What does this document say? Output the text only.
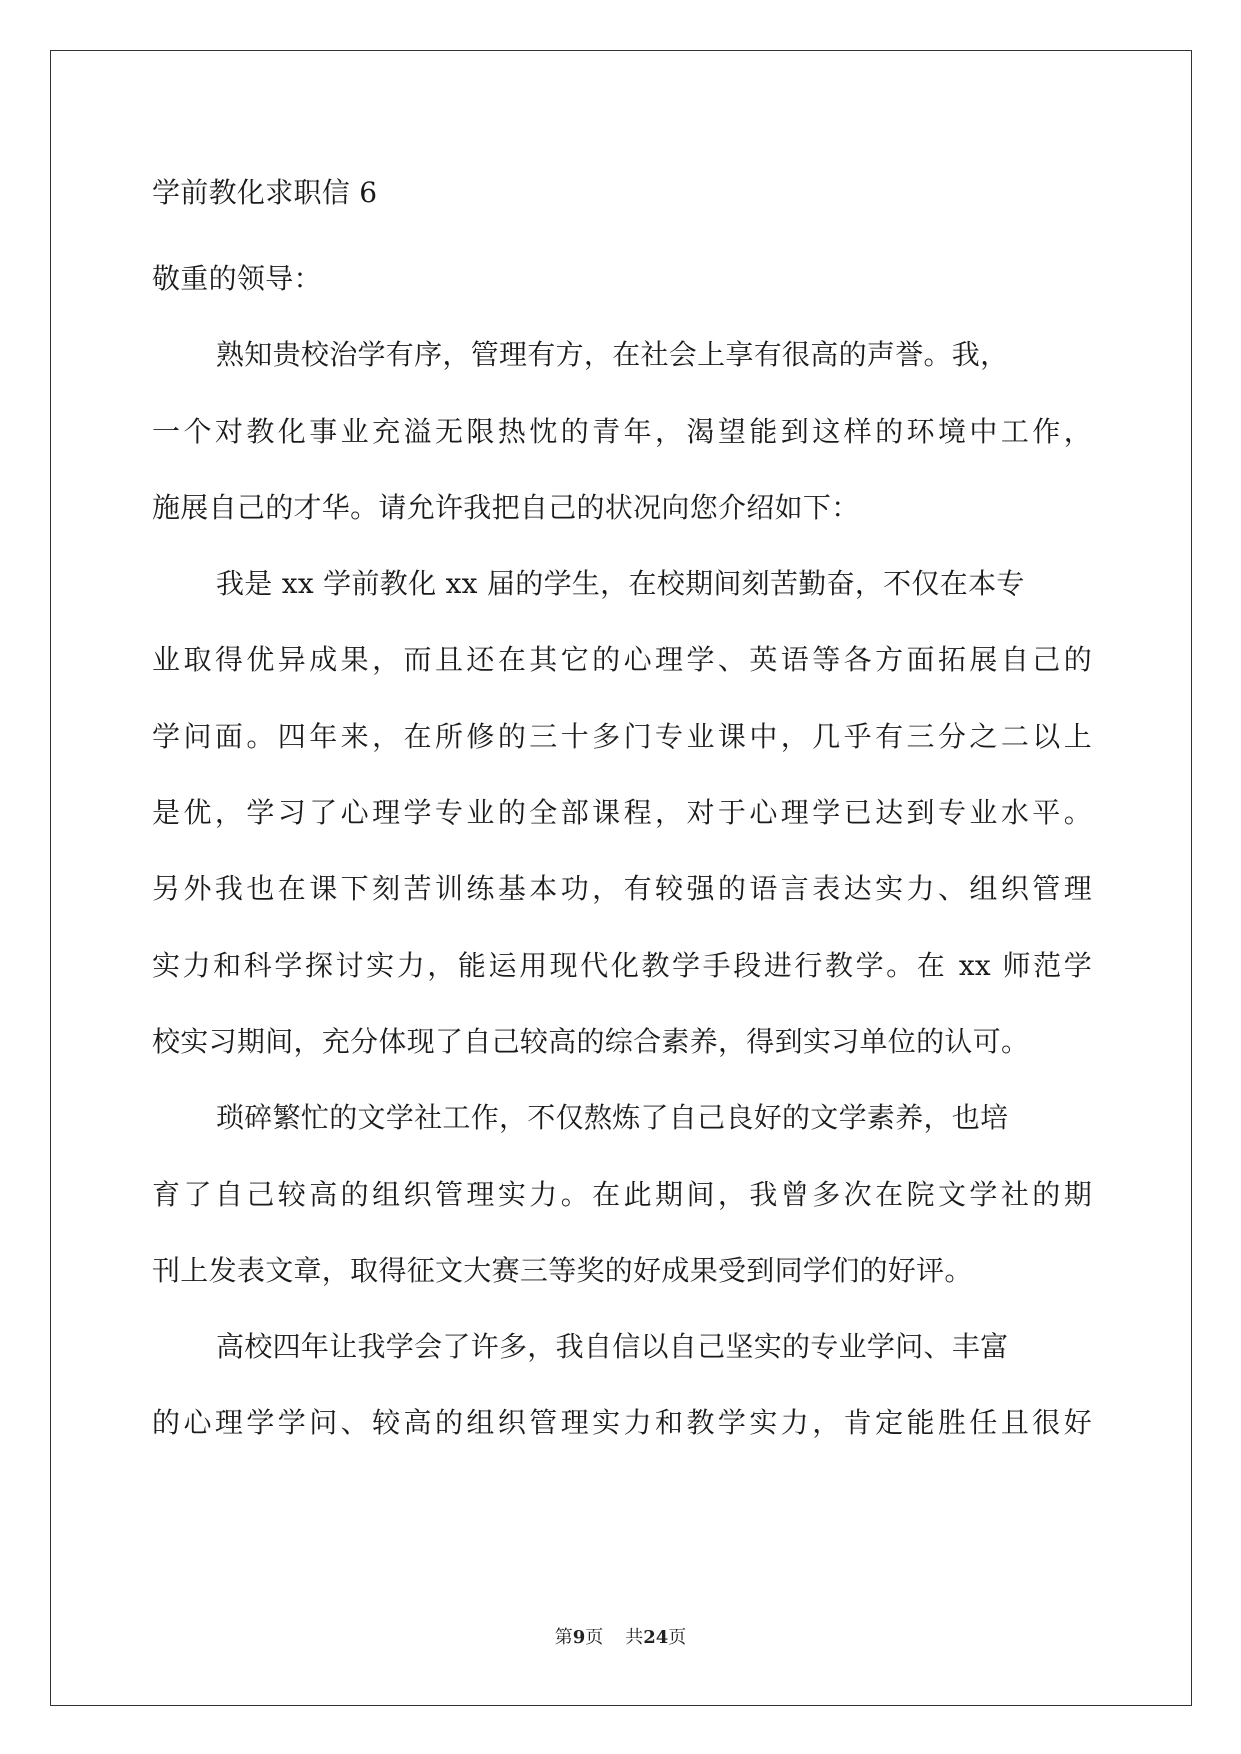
学前教化求职信 6
敬重的领导：
熟知贵校治学有序，管理有方，在社会上享有很高的声誉。我，
一个对教化事业充溢无限热忱的青年，渴望能到这样的环境中工作，
施展自己的才华。请允许我把自己的状况向您介绍如下：
我是 xx 学前教化 xx 届的学生，在校期间刻苦勤奋，不仅在本专
业取得优异成果，而且还在其它的心理学、英语等各方面拓展自己的
学问面。四年来，在所修的三十多门专业课中，几乎有三分之二以上
是优，学习了心理学专业的全部课程，对于心理学已达到专业水平。
另外我也在课下刻苦训练基本功，有较强的语言表达实力、组织管理
实力和科学探讨实力，能运用现代化教学手段进行教学。在 xx 师范学
校实习期间，充分体现了自己较高的综合素养，得到实习单位的认可。
琐碎繁忙的文学社工作，不仅熬炼了自己良好的文学素养，也培
育了自己较高的组织管理实力。在此期间，我曾多次在院文学社的期
刊上发表文章，取得征文大赛三等奖的好成果受到同学们的好评。
高校四年让我学会了许多，我自信以自己坚实的专业学问、丰富
的心理学学问、较高的组织管理实力和教学实力，肯定能胜任且很好
第9页 共24页
